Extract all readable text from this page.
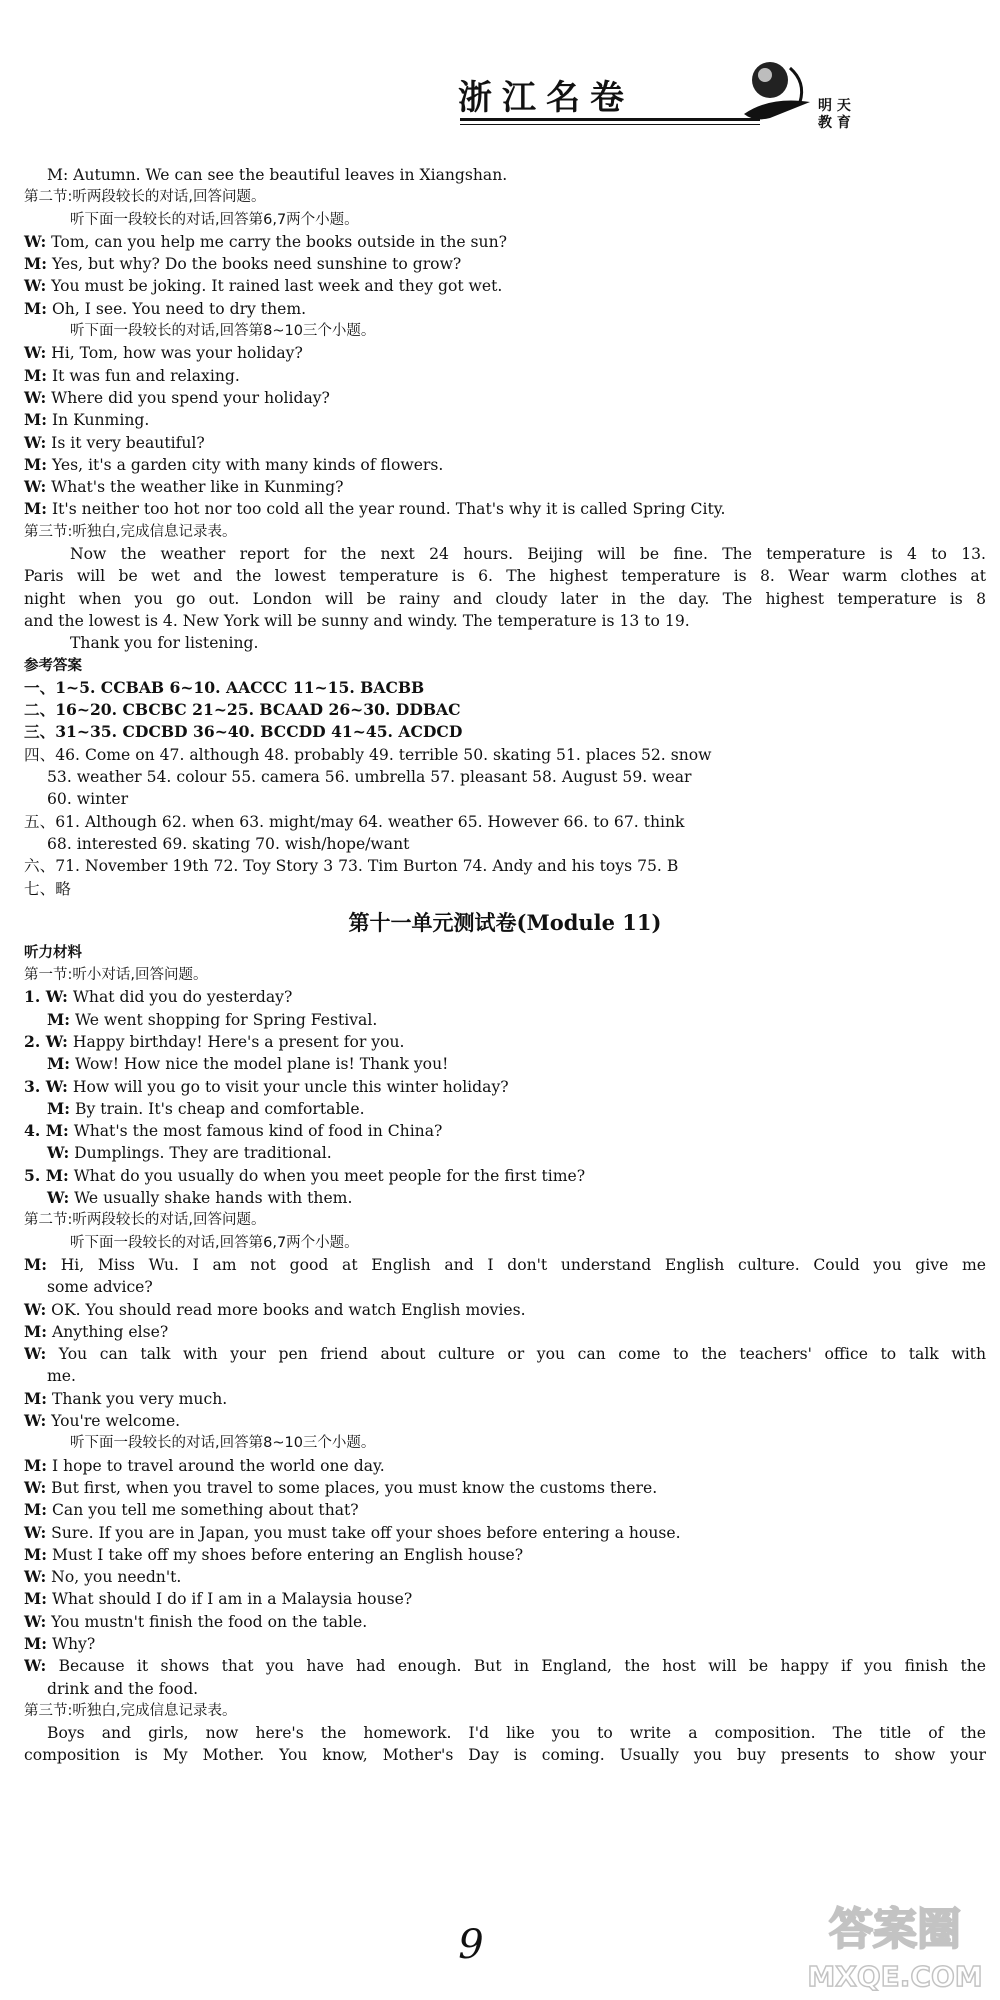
浙江名卷	明 天
教 育
M: Autumn. We can see the beautiful leaves in Xiangshan.
第二节:听两段较长的对话,回答问题。
听下面一段较长的对话,回答第6,7两个小题。
W: Tom, can you help me carry the books outside in the sun?
M: Yes, but why? Do the books need sunshine to grow?
W: You must be joking. It rained last week and they got wet.
M: Oh, I see. You need to dry them.
听下面一段较长的对话,回答第8~10三个小题。
W: Hi, Tom, how was your holiday?
M: It was fun and relaxing.
W: Where did you spend your holiday?
M: In Kunming.
W: Is it very beautiful?
M: Yes, it's a garden city with many kinds of flowers.
W: What's the weather like in Kunming?
M: It's neither too hot nor too cold all the year round. That's why it is called Spring City.
第三节:听独白,完成信息记录表。
Now the weather report for the next 24 hours. Beijing will be fine. The temperature is 4 to 13.
Paris will be wet and the lowest temperature is 6. The highest temperature is 8. Wear warm clothes at
night when you go out. London will be rainy and cloudy later in the day. The highest temperature is 8
and the lowest is 4. New York will be sunny and windy. The temperature is 13 to 19.
Thank you for listening.
参考答案
一、1~5. CCBAB 6~10. AACCC 11~15. BACBB
二、16~20. CBCBC 21~25. BCAAD 26~30. DDBAC
三、31~35. CDCBD 36~40. BCCDD 41~45. ACDCD
四、46. Come on 47. although 48. probably 49. terrible 50. skating 51. places 52. snow
53. weather 54. colour 55. camera 56. umbrella 57. pleasant 58. August 59. wear
60. winter
五、61. Although 62. when 63. might/may 64. weather 65. However 66. to 67. think
68. interested 69. skating 70. wish/hope/want
六、71. November 19th 72. Toy Story 3 73. Tim Burton 74. Andy and his toys 75. B
七、略
第十一单元测试卷(Module 11)
听力材料
第一节:听小对话,回答问题。
1. W: What did you do yesterday?
M: We went shopping for Spring Festival.
2. W: Happy birthday! Here's a present for you.
M: Wow! How nice the model plane is! Thank you!
3. W: How will you go to visit your uncle this winter holiday?
M: By train. It's cheap and comfortable.
4. M: What's the most famous kind of food in China?
W: Dumplings. They are traditional.
5. M: What do you usually do when you meet people for the first time?
W: We usually shake hands with them.
第二节:听两段较长的对话,回答问题。
听下面一段较长的对话,回答第6,7两个小题。
M: Hi, Miss Wu. I am not good at English and I don't understand English culture. Could you give me
some advice?
W: OK. You should read more books and watch English movies.
M: Anything else?
W: You can talk with your pen friend about culture or you can come to the teachers' office to talk with
me.
M: Thank you very much.
W: You're welcome.
听下面一段较长的对话,回答第8~10三个小题。
M: I hope to travel around the world one day.
W: But first, when you travel to some places, you must know the customs there.
M: Can you tell me something about that?
W: Sure. If you are in Japan, you must take off your shoes before entering a house.
M: Must I take off my shoes before entering an English house?
W: No, you needn't.
M: What should I do if I am in a Malaysia house?
W: You mustn't finish the food on the table.
M: Why?
W: Because it shows that you have had enough. But in England, the host will be happy if you finish the
drink and the food.
第三节:听独白,完成信息记录表。
Boys and girls, now here's the homework. I'd like you to write a composition. The title of the
composition is My Mother. You know, Mother's Day is coming. Usually you buy presents to show your
9	答案圈
MXQE.COM
